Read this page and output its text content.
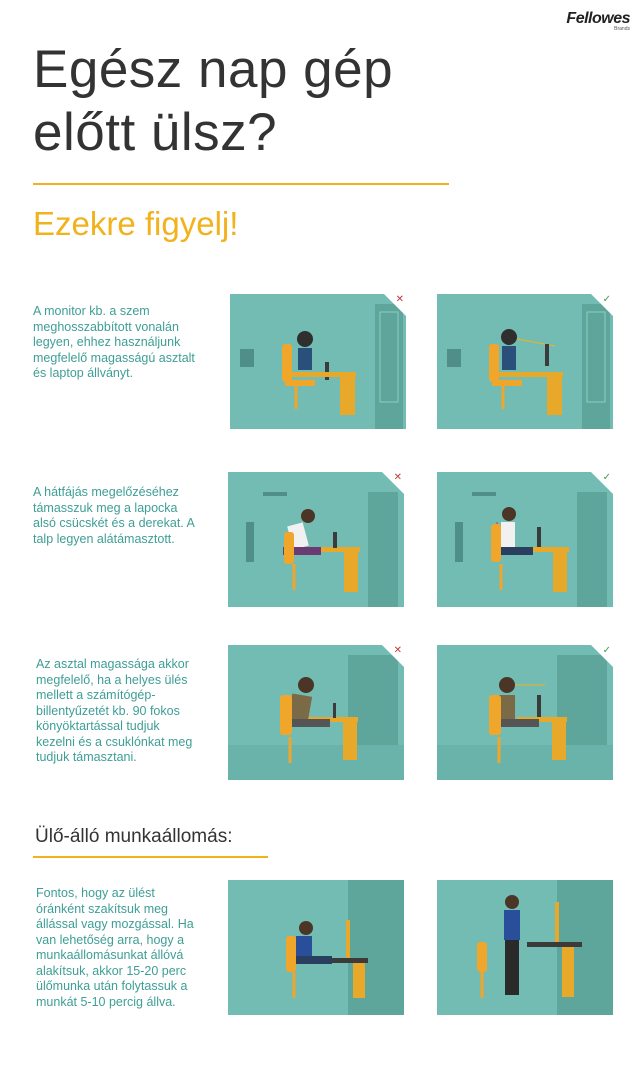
Fellowes
Brands
Egész nap gép
előtt ülsz?
Ezekre figyelj!
A monitor kb. a szem meghosszabbított vonalán legyen, ehhez használjunk megfelelő magasságú asztalt és laptop állványt.
✕	✓
A hátfájás megelőzéséhez támasszuk meg a lapocka alsó csücskét és a derekat. A talp legyen alátámasztott.
✕	✓
Az asztal magassága akkor megfelelő, ha a helyes ülés mellett a számítógép-billentyűzetét kb. 90 fokos könyöktartással tudjuk kezelni és a csuklónkat meg tudjuk támasztani.
✕	✓
Ülő-álló munkaállomás:
Fontos, hogy az ülést óránként szakítsuk meg állással vagy mozgással. Ha van lehetőség arra, hogy a munkaállomásunkat állóvá alakítsuk, akkor 15-20 perc ülőmunka után folytassuk a munkát 5-10 percig állva.
